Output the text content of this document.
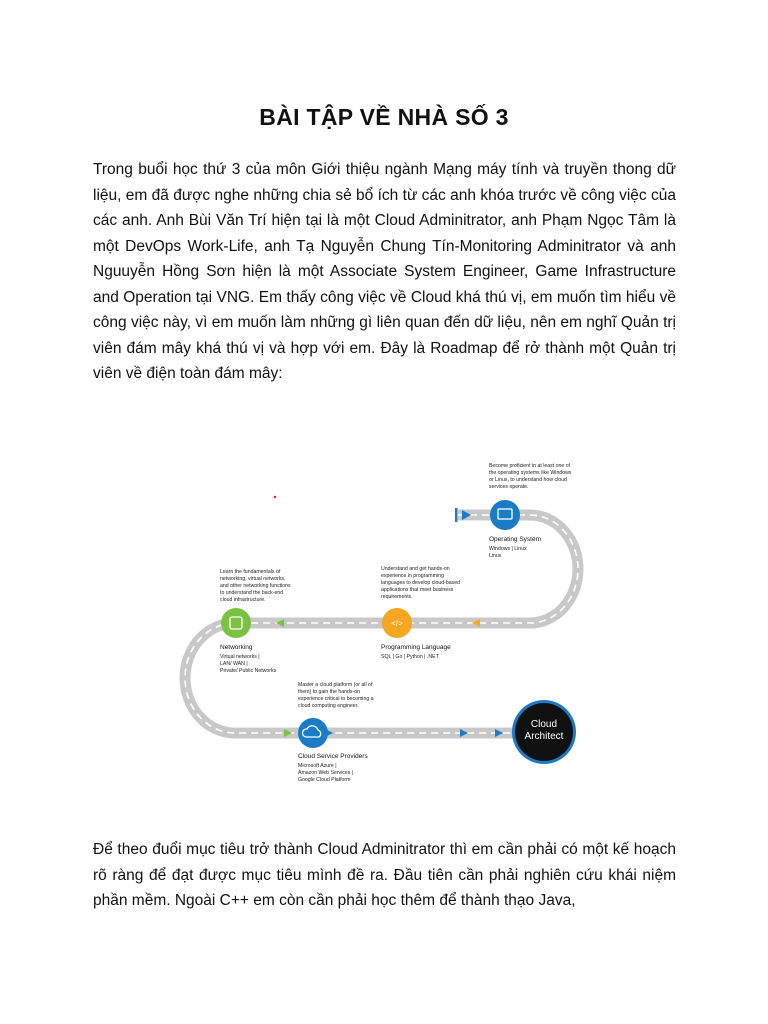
BÀI TẬP VỀ NHÀ SỐ 3

Trong buổi học thứ 3 của môn Giới thiệu ngành Mạng máy tính và truyền thong dữ liệu, em đã được nghe những chia sẻ bổ ích từ các anh khóa trước về công việc của các anh. Anh Bùi Văn Trí hiện tại là một Cloud Adminitrator, anh Phạm Ngọc Tâm là một DevOps Work-Life, anh Tạ Nguyễn Chung Tín-Monitoring Adminitrator và anh Nguuyễn Hồng Sơn hiện là một Associate System Engineer, Game Infrastructure and Operation tại VNG. Em thấy công việc về Cloud khá thú vị, em muốn tìm hiểu về công việc này, vì em muốn làm những gì liên quan đến dữ liệu, nên em nghĩ Quản trị viên đám mây khá thú vị và hợp với em. Đây là Roadmap để rở thành một Quản trị viên về điện toàn đám mây:

Become proficient in at least one of the operating systems like Windows or Linux, to understand how cloud services operate.
Operating System
Windows | Linux Linux
</>
Understand and get hands-on experience in programming languages to develop cloud-based applications that meet business requirements.
Programming Language
SQL | Go | Python | .NET
Learn the fundamentals of networking, virtual networks, and other networking functions to understand the back-end cloud infrastructure.
Networking
Virtual networks | LAN/ WAN | Private/ Public Networks
Master a cloud platform (or all of them) to gain the hands-on experience critical to becoming a cloud computing engineer.
Cloud Service Providers
Microsoft Azure | Amazon Web Services | Google Cloud Platform
Cloud
Architect

Để theo đuổi mục tiêu trở thành Cloud Adminitrator thì em cần phải có một kế hoạch rõ ràng để đạt được mục tiêu mình đề ra. Đầu tiên cần phải nghiên cứu khái niệm phần mềm. Ngoài C++ em còn cần phải học thêm để thành thạo Java,
